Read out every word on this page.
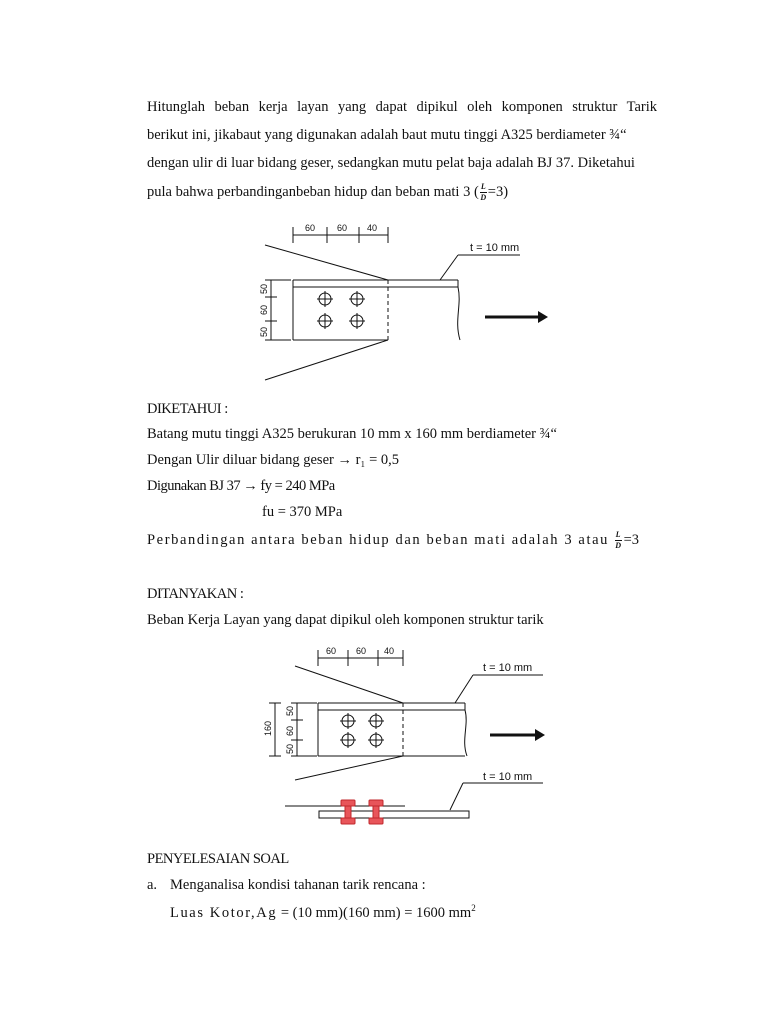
Hitunglah beban kerja layan yang dapat dipikul oleh komponen struktur Tarik
berikut ini, jikabaut yang digunakan adalah baut mutu tinggi A325 berdiameter ¾“
dengan ulir di luar bidang geser, sedangkan mutu pelat baja adalah BJ 37. Diketahui
pula bahwa perbandinganbeban hidup dan beban mati 3 ( $\frac{L}{D} =3$)
60 60 40
t = 10 mm
50
60
50
DIKETAHUI :
Batang mutu tinggi A325 berukuran 10 mm x 160 mm berdiameter ¾“
Dengan Ulir diluar bidang geser → r₁ = 0,5
Digunakan BJ 37 → fy = 240 MPa
fu = 370 MPa
Perbandingan antara beban hidup dan beban mati adalah 3 atau $\frac{L}{D} =3$
DITANYAKAN :
Beban Kerja Layan yang dapat dipikul oleh komponen struktur tarik
60 60 40
t = 10 mm
t = 10 mm
160
50
60
50
PENYELESAIAN SOAL
a. Menganalisa kondisi tahanan tarik rencana :
Luas Kotor,Ag = (10 mm)(160 mm) = 1600 $mm^2$
